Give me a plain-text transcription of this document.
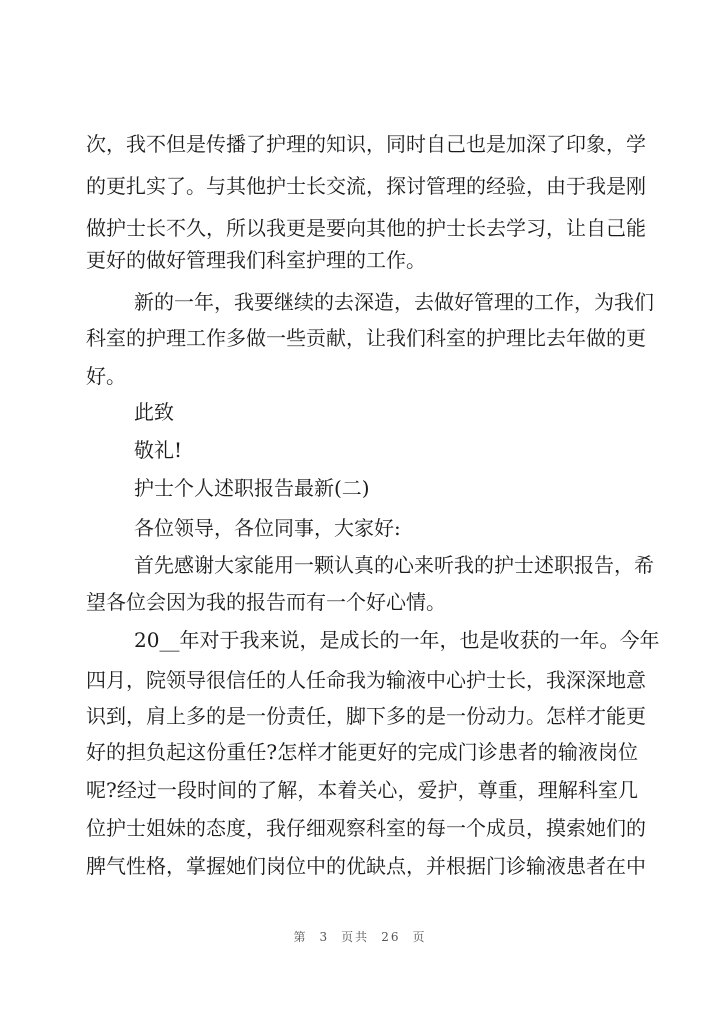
次，我不但是传播了护理的知识，同时自己也是加深了印象，学
的更扎实了。与其他护士长交流，探讨管理的经验，由于我是刚
做护士长不久，所以我更是要向其他的护士长去学习，让自己能
更好的做好管理我们科室护理的工作。
新的一年，我要继续的去深造，去做好管理的工作，为我们
科室的护理工作多做一些贡献，让我们科室的护理比去年做的更
好。
此致
敬礼!
护士个人述职报告最新(二)
各位领导，各位同事，大家好:
首先感谢大家能用一颗认真的心来听我的护士述职报告，希
望各位会因为我的报告而有一个好心情。
20__年对于我来说，是成长的一年，也是收获的一年。今年
四月，院领导很信任的人任命我为输液中心护士长，我深深地意
识到，肩上多的是一份责任，脚下多的是一份动力。怎样才能更
好的担负起这份重任?怎样才能更好的完成门诊患者的输液岗位
呢?经过一段时间的了解，本着关心，爱护，尊重，理解科室几
位护士姐妹的态度，我仔细观察科室的每一个成员，摸索她们的
脾气性格，掌握她们岗位中的优缺点，并根据门诊输液患者在中
第 3 页共 26 页
